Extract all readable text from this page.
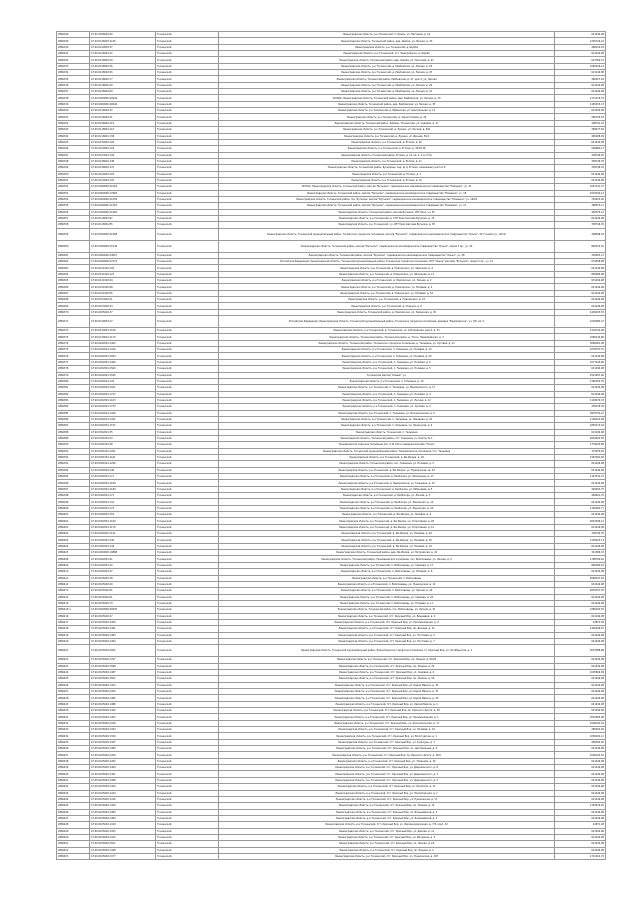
2860326	47:20:1206002:42	Тосненский	Ленинградская область, р-н Тосненский, п. Ушаки, ул. Нагорная, д. 14	621449,98
2860329	47:29:0126003:1195	Тосненский	Ленинградская область, Тосненский район, дер. Шапки, ул. Лесная, д. 23	1205726,22
2860330	47:26:0419003:37	Тосненский	Ленинградская область, р-н Тосненский, д. Шумба	486214,18
2860331	47:26:0126001:37	Тосненский	Ленинградская область, р-н Тосненский, пгт. Федоровское, д. Шумба	621449,98
2860332	47:26:0128002:50	Тосненский	Ленинградская область, Тосненский район, дер. Шумба, ул. Песочная, д. 21	627009,31
2860333	47:26:0128002:36	Тосненский	Ленинградская область, р-н Тосненский, д. Рамбовская, ул. Лесная, д. 18	1065426,12
2860334	47:26:0128002:56	Тосненский	Ленинградская область, р-н Тосненский, д. Рамбовская, ул. Лесная, д. 25	621449,98
2860335	47:26:0128002:77	Тосненский	Ленинградская область, Тосненский район, Рамбовская, д. 27, дом 3, ул. Лесная	380927,18
2860336	47:26:0128002:59	Тосненский	Ленинградская область, р-н Тосненский, д. Рамбовская, ул. Лесная, д. 29	621449,98
2860337	47:26:0128002:60	Тосненский	Ленинградская область, р-н Тосненский, д. Рамбовская, ул. Лесная, д. 31	621449,98
2860338	47:26:0000000:20944	Тосненский	187000, Ленинградская область, Тосненский район, дер. Рамбовская, ул. Лесная, д. 33	1772133,33
2860339	47:26:0000000:20946	Тосненский	Ленинградская область, Тосненский район, дер. Рамбовская, ул. Лесная, д. 35	1165455,13
2860340	47:26:0116002:32	Тосненский	Ленинградская область, р-н Тосненский, д. Бабинская, ул. Центральная, д. 11	621449,98
2860341	47:26:0126002:21	Тосненский	Ленинградская область, р-н Тосненский, д. Черноголовка, д. 30	280725,54
2860342	47:26:0126002:115	Тосненский	Ленинградская область, Тосненский район, Любань, Тосненский, ул. Садовая, д. 17	398741,32
2860343	47:26:0118001:115	Тосненский	Ленинградская область, р-н Тосненский, д. Лукино, ул. Лесная, д. 63а	358477,65
2860344	47:26:0118001:138	Тосненский	Ленинградская область, р-н Тосненский, д. Лукино, ул. Дачная, 56/1	465408,09
2860345	47:26:0219002:126	Тосненский	Ленинградская область, р-н Тосненский, д. Еглизи, д. 45	621449,98
2860346	47:26:0219002:124	Тосненский	Ленинградская область, р-н Тосненский, д. Еглизи, д. 45/18 38	506864,17
2860347	47:29:0153001:136	Тосненский	Ленинградская область, Тосненский район, Еглизи, д. 12, кв. 4, 2 м, Угол	338746,35
2860348	47:26:0218001:148	Тосненский	Ленинградская область, р-н Тосненский, д. Еглизи, д. 11	338746,35
2860349	47:26:0218002:147	Тосненский	Ленинградская область, Тосненский район, Бутылицы, пер. Д, д. Еглизи, земельный участок 8	338746,35
2860350	47:26:0219002:122	Тосненский	Ленинградская область, р-н Тосненский, д. Еглизи, д. 1	621449,98
2860351	47:26:0219002:125	Тосненский	Ленинградская область, р-н Тосненский, д. Еглизи, д. 19	621449,98
2860352	47:26:0000000:21064	Тосненский	187024, Ленинградская область, Тосненский район, массив "Бутылки", садоводческое некоммерческое товарищество "Ромашка", уч. 21	1067141,70
2860353	47:26:0000000:17665	Тосненский	Ленинградская область, Тосненский район, массив "Бутылки", садоводческое некоммерческое товарищество "Ромашка", уч. 18	1029342,14
2860354	47:26:0000000:11056	Тосненский	Ленинградская область, Тосненский район, пос. Бутылки, массив "Бутылки", садоводческое некоммерческое товарищество "Ромашка", уч. 16/18	730613,00
2860355	47:26:0000000:11055	Тосненский	Ленинградская область, Тосненский район, массив "Бутылки", садоводческое некоммерческое товарищество "Ромашка", уч. 17	388673,11
2860356	47:26:0000000:11060	Тосненский	Ленинградская область, Тосненский район, массив Бутылки, СНТ Урал, уч. 35	450575,13
2860357	47:26:0118001:87	Тосненский	Ленинградская область, р-н Тосненский, д. СНТ Урал массива Бутылки, д. 15	621449,98
2860358	47:26:0118001:85	Тосненский	Ленинградская область, р-н Тосненский, уч. СНТ Урал массива Бутылки, д. 38	338746,35
2860359	47:26:0000000:21068	Тосненский	Ленинградская область, Тосненский муниципальный район, Тосненское городское поселение, массив "Бутылки", садоводческое некоммерческое товарищество "Ольха", ЗУ 3 (земли уч. 10/11)	308498,03
2860360	47:26:0000000:21049	Тосненский	Ленинградская область, Тосненский район, массив "Бутылки", садоводческое некоммерческое товарищество "Ольха", линия 3 пр., уч. 26	848315,01
2860361	47:26:0000000:24657	Тосненский	Ленинградская область, Тосненский район, массив "Бутылки", садоводческое некоммерческое товарищество "Ольха", уч. 28	309403,13
2860362	47:26:0000000:27423	Тосненский	Российская Федерация, Ленинградская область, Тосненский муниципальный район, Тосненское городское поселение, СНТ "Ольха" массива "Бутылки", линия 3 пр., уч. 14	679458,98
2860363	47:26:0121002:120	Тосненский	Ленинградская область, р-н Тосненский, д. Новолисино, ул. Заречная, д. 4	621449,98
2860364	47:26:0121002:121	Тосненский	Ленинградская область, р-н Тосненский, д. Новолисино, ул. Школьная, д. 11	856089,98
2860365	47:26:0121002:64	Тосненский	Ленинградская область, р-н Тосненский, д. Новолисино, ул. Лесная, д. 2	621449,98
2860366	47:26:0121002:68	Тосненский	Ленинградская область, р-н Тосненский, д. Новолисино, ул. Полевая, д. 4	621449,98
2860367	47:26:0121002:65	Тосненский	Ленинградская область, р-н Тосненский, д. Новолисино, ул. Полевая, д. 53	621449,98
2860368	47:26:0103002:41	Тосненский	Ленинградская область, р-н Тосненский, д. Новолисино, д. 23	621449,98
2860369	47:26:0103002:34	Тосненский	Ленинградская область, р-н Тосненский, д. Поркузи, д. 6	621449,98
2860370	47:26:0205002:37	Тосненский	Ленинградская область, Тосненский район, д. Новолисино, ул. Заводская, д. 30	4499233,55
2860371	47:26:0130003:17	Тосненский	Российская Федерация, Ленинградская область, Тосненский муниципальный район, Тосненское городское поселение, деревня "Федоровское", уч. 3/5, кв. 5	1009383,47
2860372	47:26:0130003:1169	Тосненский	Ленинградская область, р-н Тосненский, д. Тосненская, ул. Соболевская, дом 4, д. 31	2103134,98
2860373	47:26:0130001:1170	Тосненский	Ленинградская область, Тосненский район, Тосненский район, д. Тосно, Первомайская, д. 3	1580134,80
2860374	47:26:0202001:1402	Тосненский	Ленинградская область, Тосненский район, Тосненское городское поселение, д. Тельмана, ул. Луговая, д. 23	3680001,98
2860375	47:26:0202001:1416	Тосненский	Ленинградская область, р-н Тосненский, п. Тельмана, ул. Полевая, д. 10	2278747,70
2860376	47:26:0202001:1004	Тосненский	Ленинградская область, р-н Тосненский, п. Тельмана, ул. Полевая, д. 50	621449,98
2860377	47:26:0202001:1400	Тосненский	Ленинградская область, р-н Тосненский, п. Тельмана, ул. Полевая, д. 5	1077443,80
2860378	47:26:0202001:1564	Тосненский	Ленинградская область, р-н Тосненский, п. Тельмана, ул. Полевая, д. 5	621449,98
2860379	47:26:0202001:1545	Тосненский	Тосненский массив "Ковьяк" уч.	2591997,06
2860380	47:26:0302001:143	Тосненский	Ленинградская область, р-н Тосненский, п. Тельмана, д. 19	7382352,35
2860381	47:26:0302001:1041	Тосненский	Ленинградская область, р-н Тосненский, п. Тельмана, ул. Малиновского, д. 17	621449,98
2860382	47:26:0202001:1737	Тосненский	Ленинградская область, р-н Тосненский, п. Тельмана, ул. Полевая, д. 4	621449,98
2860383	47:26:0202001:1103	Тосненский	Ленинградская область, р-н Тосненский, п. Тельмана, ул. Лесная, д. 12	1128479,33
2860384	47:26:0202001:1733	Тосненский	Ленинградская область, р-н Тосненский, п. Тельмана, ул. Луговая, д. 3	338746,35
2860385	47:26:0202001:1429	Тосненский	Ленинградская область, р-н Тосненский, п. Тельмана, ул. Воскресенская, д. 5	3803754,12
2860386	47:26:0202001:1431	Тосненский	Ленинградская область, р-н Тосненский, п. Тельмана, ул. Звездная, д. 32	1195414,98
2860387	47:26:0202001:1571	Тосненский	Ленинградская область, р-н Тосненский, п. Тельмана, ул. Ленинская, д. 9	1859713,94
2860388	47:26:0302001:35	Тосненский	Ленинградская область, Тосненский, п. Тельмана	621449,98
2860389	47:26:0301001:33	Тосненский	Ленинградская область, Тосненский район, пгт. Тельмана, уч. Корпус № 1	2604403,55
2860390	47:26:0301001:28	Тосненский	Тельмановское сельское поселение лит. 6 № 330 и севернее массива "Тосна"	1778420,89
2860391	47:26:0301001:1201	Тосненский	Ленинградская область, Тосненский муниципальный район, Тельмановское поселение, пос. Тельмана	733070,65
2860392	47:26:0301001:1161	Тосненский	Ленинградская область, р-н Тосненский, д. Ям-Ижора, д. 18	2187001,82
2860393	47:26:0301001:1206	Тосненский	Ленинградская область, Тосненский район, пос. Тельмана, ул. Полевая, д. 5	621449,98
2860394	47:26:0302001:146	Тосненский	Ленинградская область, р-н Тосненский, д. Ям-Ижора, ул. Пушкинская, кв. 23	621449,98
2860395	47:26:0302001:171	Тосненский	Ленинградская область, р-н Тосненский, д. Ям-Ижора, ул. Оборонная, д. 17	1167541,47
2860396	47:26:0302001:1189	Тосненский	Ленинградская область, р-н Тосненский, д. Федоровское, ул. Тельмана, д. 15	621449,98
2860397	47:26:0302001:1189	Тосненский	Ленинградская область, р-н Тосненский, д. Ям-Ижора, ул. Рябиновая, д. 5	426453,75
2860398	47:26:0302001:171	Тосненский	Ленинградская область, р-н Тосненский, д. Ям-Ижора, ул. Лесная, д. 5	484621,70
2860399	47:26:0302001:131	Тосненский	Ленинградская область, р-н Тосненский, д. Ям-Ижора, ул. Ленинская, д. 12	621449,98
2860400	47:26:0302001:172	Тосненский	Ленинградская область, р-н Тосненский, д. Ям-Ижора, ул. Ленинская, д. 20	1146003,77
2860401	47:26:0302001:152	Тосненский	Ленинградская область, р-н Тосненский, д. Ям-Ижора, ул. Полевая, д. 6	621449,98
2860402	47:26:0302001:1169	Тосненский	Ленинградская область, р-н Тосненский, д. Ям-Ижора, ул. Спортивная, д. 26	3654036,12
2860403	47:26:0302001:1176	Тосненский	Ленинградская область, р-н Тосненский, д. Ям-Ижора, ул. Спортивная, д. 12	621449,98
2860404	47:26:0302001:1141	Тосненский	Ленинградская область, р-н Тосненский, д. Ям-Ижора, ул. Полевая, д. 26	338746,35
2860405	47:26:0302001:140	Тосненский	Ленинградская область, р-н Тосненский, д. Ям-Ижора, ул. Полевая, д. 35	1136423,13
2860406	47:26:0302001:136	Тосненский	Ленинградская область, р-н Тосненский, д. Ям-Ижора, ул. Полевая, д. 30	621449,98
2860407	47:26:0000000:19888	Тосненский	Ленинградская область, Тосненский район, дер. Ям-Ижора, ул. Петровская, д. 42	391386,33
2860408	47:26:0402001:41	Тосненский	Ленинградская область, Тосненский район, Тельмановское поселение, пос. Войсковицы, ул. Лесная, д. 9	1768790,62
2860409	47:26:0402001:40	Тосненский	Ленинградская область, р-н Тосненский, п. Войсковицы, ул. Садовая, д. 17	866090,03
2860410	47:26:0402001:47	Тосненский	Ленинградская область, р-н Тосненский, п. Войсковицы, ул. Полевая, д. 8	621449,98
2860411	47:26:0105002:38	Тосненский	Ленинградская область, р-н Тосненский, п. Войсковицы	2668347,62
2860412	47:26:0105002:40	Тосненский	Ленинградская область, р-н Тосненский, п. Войсковицы, ул. Пушкинская, д. 12	621449,98
2860413	47:26:0105002:41	Тосненский	Ленинградская область, р-н Тосненский, п. Войсковицы, ул. Лесная, д. 22	2878707,35
2860414	47:26:0105002:61	Тосненский	Ленинградская область, р-н Тосненский, п. Войсковицы, ул. Садовая, д. 25	621449,98
2860415	47:26:0105002:70	Тосненский	Ленинградская область, р-н Тосненский, п. Войсковицы, ул. Полевая, д. 11	621449,98
2860415-1	47:26:0000000:20635	Тосненский	Ленинградская область, Тосненский район, пос. Войсковицы, ул. Лесная, д. 31	1985292,55
2860416	47:26:0105002:47	Тосненский	Ленинградская область, р-н Тосненский, пгт. Красный Бор, ул. Вишневая, д. 4	621449,98
2860417	47:26:0105002:1456	Тосненский	Ленинградская область, р-н Тосненский, пгт. Красный Бор, ул. Промышленная, д. 9	44871,48
2860418	47:26:0105002:1461	Тосненский	Ленинградская область, р-н Тосненский, пгт. Красный Бор, пр. Дачный, д. 12	1390446,87
2860419	47:26:0105002:1483	Тосненский	Ленинградская область, р-н Тосненский, пгт. Красный Бор, ул. Почтовая, д. 3	621449,98
2860420	47:26:0105002:1464	Тосненский	Ленинградская область, р-н Тосненский, пгт. Красный Бор, ул. Почтовая, д. 7	621449,98
2860421	47:26:0105002:2063	Тосненский	Ленинградская область, Тосненский муниципальный район, Красноборское городское поселение, гп. Красный Бор, ул. Октябрьская, д. 1	3679368,88
2860422	47:26:0105002:1767	Тосненский	Ленинградская область, р-н Тосненский, пгт. Красный Бор, пр. Ленина, д. 84/22	621449,98
2860423	47:26:0105002:1588	Тосненский	Ленинградская область, р-н Тосненский, пгт. Красный Бор, пр. Ленина, д. 25	621449,98
2860424	47:26:0105002:1487	Тосненский	Ленинградская область, р-н Тосненский, пгт. Красный Бор, ул. Садовая, д. 6	1005849,89
2860425	47:26:0105002:1501	Тосненский	Ленинградская область, р-н Тосненский, пгт. Красный Бор, пр. Ленина, д. 56	621449,98
2860426	47:26:0105002:1303	Тосненский	Ленинградская область, р-н Тосненский, пгт. Красный Бор, ул. Карла Маркса, д. 45	621449,98
2860427	47:26:0105002:1306	Тосненский	Ленинградская область, р-н Тосненский, пгт. Красный Бор, ул. Карла Маркса, д. 47	621449,98
2860428	47:26:0105002:1485	Тосненский	Ленинградская область, р-н Тосненский, пгт. Красный Бор, ул. Карла Маркса, д. 45	621449,98
2860429	47:26:0105002:1488	Тосненский	Ленинградская область, р-н Тосненский, пгт. Красный Бор, ул. Карла Маркса, д. 4	621449,98
2860430	47:26:0105002:1499	Тосненский	Ленинградская область, р-н Тосненский, пгт. Красный Бор, пр. Красного флота, д. 36	621449,98
2860431	47:26:0105002:1452	Тосненский	Ленинградская область, р-н Тосненский, пгт. Красный Бор, ул. Промышленная, д. 1	3054283,98
2860432	47:26:0105002:1329	Тосненский	Ленинградская область, р-н Тосненский, пгт. Красный Бор, ул. Комсомольская, д. 17	1006104,52
2860433	47:26:0105002:1364	Тосненский	Ленинградская область, р-н Тосненский, пгт. Красный Бор, ул. Полевая, д. 19	289304,40
2860434	47:26:0105002:1320	Тосненский	Ленинградская область, р-н Тосненский, пгт. Красный Бор, ул. Вологодская, д. 1	1056432,11
2860435	47:26:0105002:1397	Тосненский	Ленинградская область, р-н Тосненский, пгт. Красный Бор, ул. Культуры, д. 7	289304,40
2860436	47:26:0105002:1380	Тосненский	Ленинградская область, р-н Тосненский, пгт. Красный Бор, ул. Центральная, д. 9	621449,98
2860437	47:26:0105002:1306	Тосненский	Ленинградская область, р-н Тосненский, пгт. Красный Бор, пр. Красного флота, д. 36/2	1006104,52
2860438	47:26:0105002:1452	Тосненский	Ленинградская область, р-н Тосненский, пгт. Красный Бор, ул. Типанова, д. 32	621449,98
2860439	47:26:0105002:1409	Тосненский	Ленинградская область, р-н Тосненский, пгт. Красный Бор, ул. Дзержинского, д. 8	621449,98
2860440	47:26:0105002:1401	Тосненский	Ленинградская область, р-н Тосненский, пгт. Красный Бор, ул. Дзержинского, д. 3	621449,98
2860441	47:26:0105002:1498	Тосненский	Ленинградская область, р-н Тосненский, пгт. Красный Бор, ул. Дзержинского, д. 5	621449,98
2860442	47:26:0105002:1444	Тосненский	Ленинградская область, р-н Тосненский, пгт. Красный Бор, ул. Крупской, д. 11	621449,98
2860443	47:26:0105002:1424	Тосненский	Ленинградская область, р-н Тосненский, пгт. Красный Бор, ул. Пролетарская, д. 7	621449,98
2860444	47:26:0105002:1416	Тосненский	Ленинградская область, р-н Тосненский, пгт. Красный Бор, ул. Пушкинская, д. 17	621449,98
2860445	47:26:0105002:1360	Тосненский	Ленинградская область, р-н Тосненский, пгт. Красный Бор, пр. Ленина, д. 15	1163479,45
2860446	47:26:0105002:1483	Тосненский	Ленинградская область, р-н Тосненский, пгт. Красный Бор, ул. Большевиков, д. 5	621449,98
2860447	47:26:0105002:1484	Тосненский	Ленинградская область, р-н Тосненский, пгт. Красный Бор, ул. Большевиков, д. 3	621449,98
2860448	47:26:0105002:1419	Тосненский	Ленинградская область, р-н Тосненский, пгт. Красный Бор, ул. Железнодорожная, д. 7/3, корп. 32	44871,48
2860449	47:26:0105002:1433	Тосненский	Ленинградская область, р-н Тосненский, пгт. Красный Бор, ул. Дачная, д. 11	621449,98
2860450	47:26:0105002:1415	Тосненский	Ленинградская область, р-н Тосненский, пгт. Красный Бор, ул. Мичурина, д. 3	621449,98
2860451	47:26:0105002:1501	Тосненский	Ленинградская область, р-н Тосненский, пгт. Красный Бор, ул. Лесная, д. 18	621449,98
2860452	47:26:0105002:1368	Тосненский	Ленинградская область, р-н Тосненский, пгт. Красный Бор, пр. Ленина, д. 2	621449,98
2860453	47:26:0105002:1377	Тосненский	Ленинградская область, р-н Тосненский, пгт. Красный Бор, ул. Пушкинская, д. 187	1721912,76
